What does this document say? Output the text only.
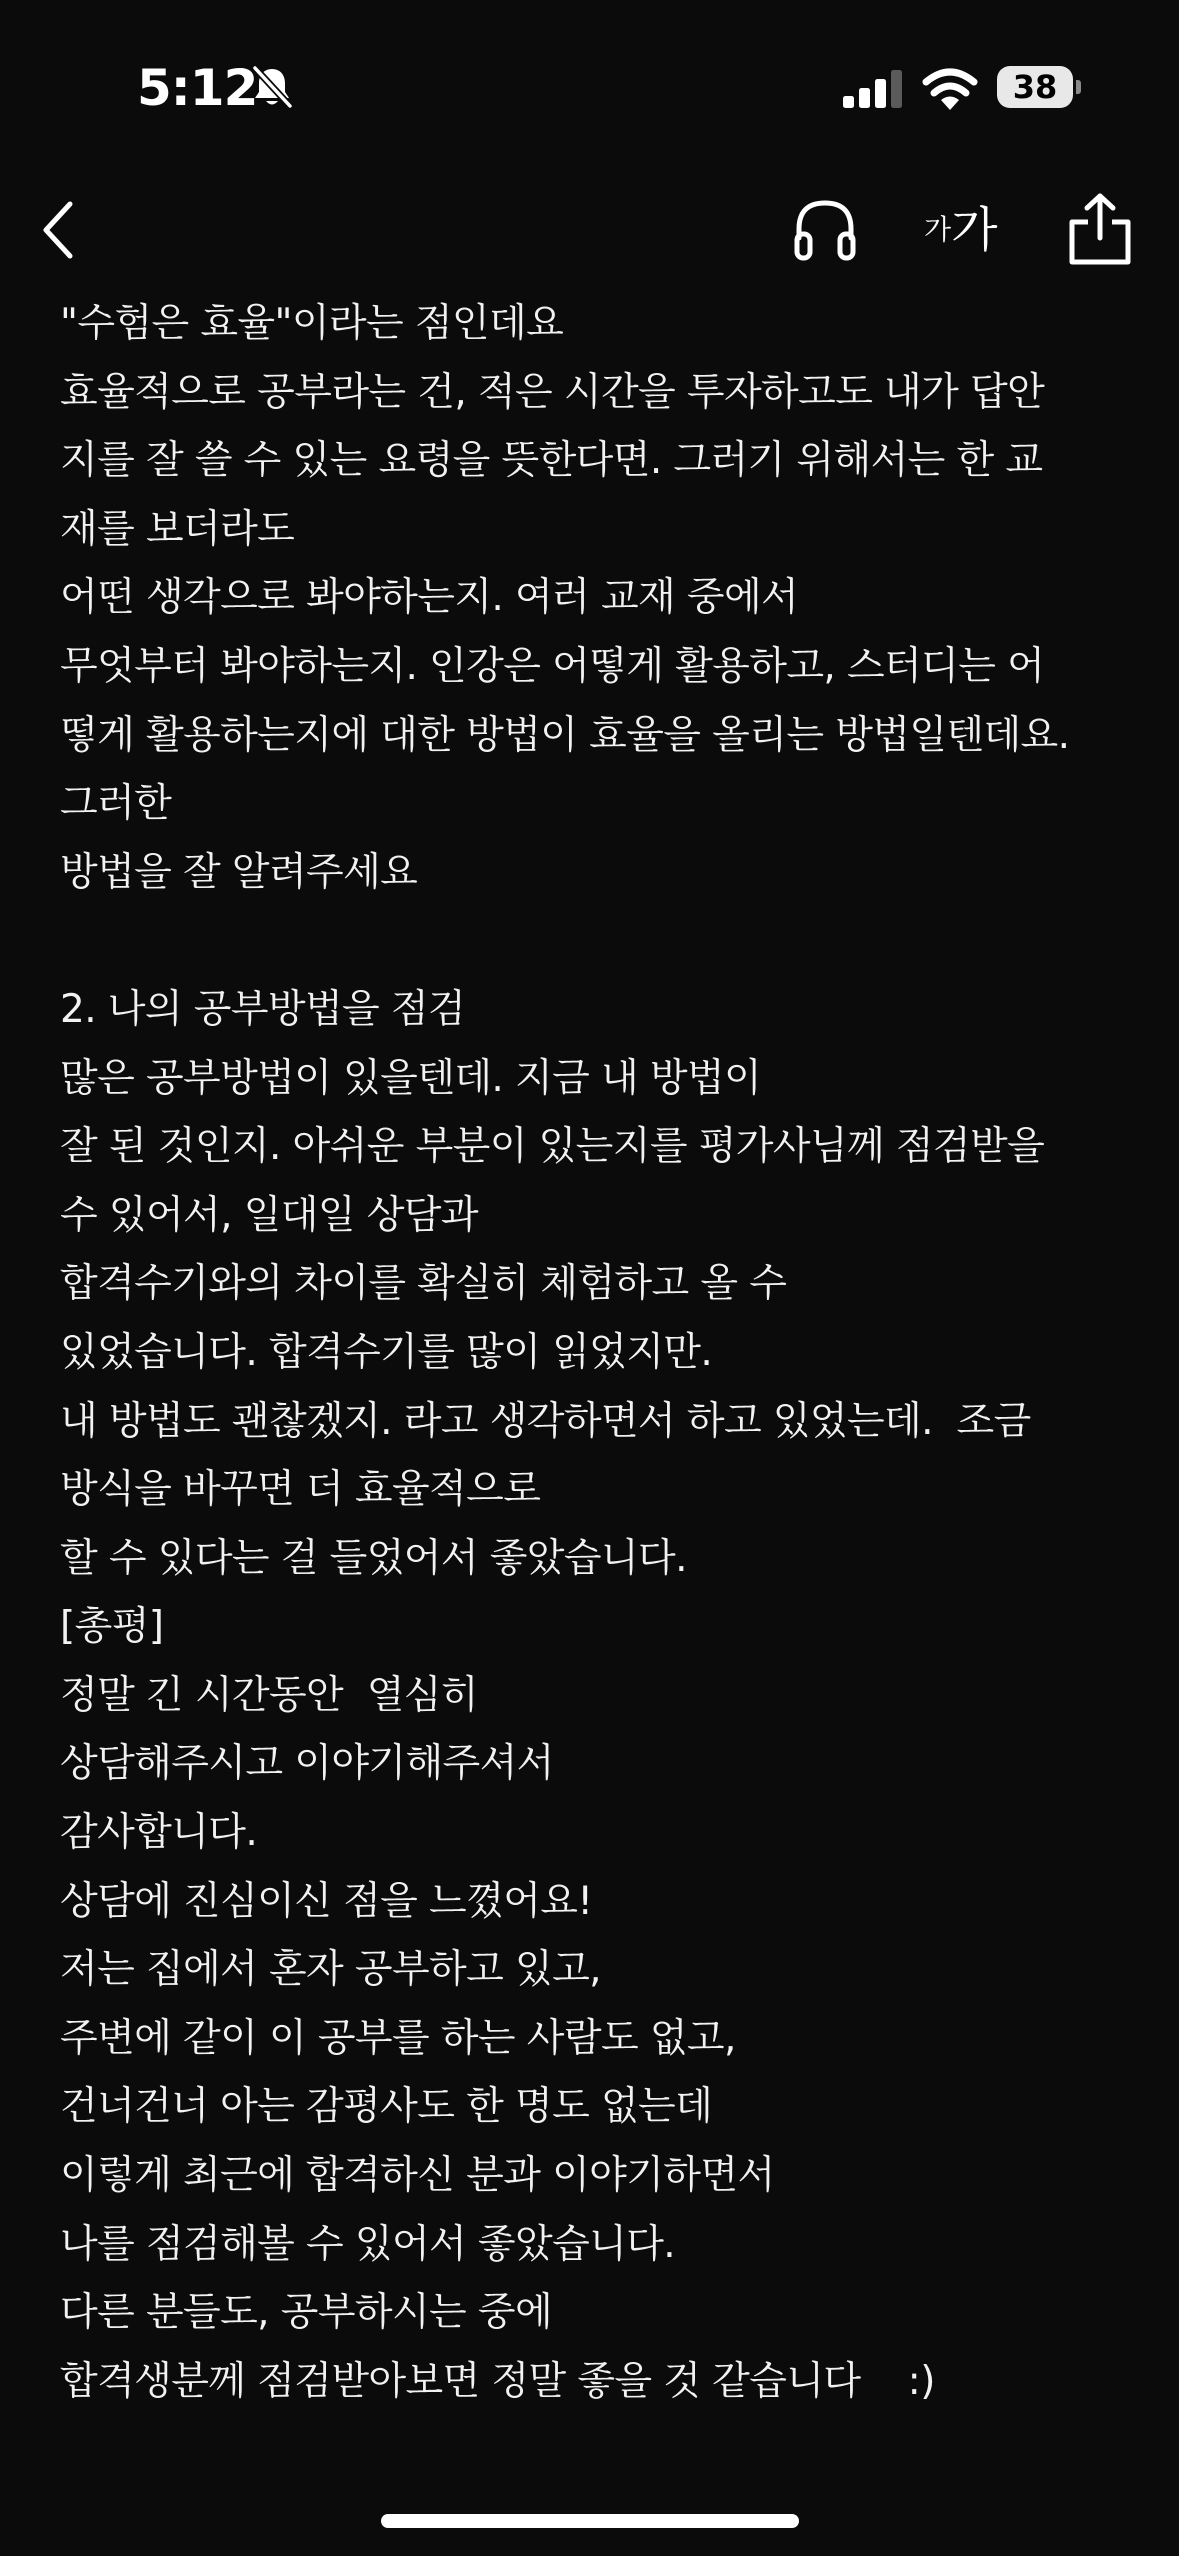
5:12	38
가가
"수험은 효율"이라는 점인데요
효율적으로 공부라는 건, 적은 시간을 투자하고도 내가 답안
지를 잘 쓸 수 있는 요령을 뜻한다면. 그러기 위해서는 한 교
재를 보더라도
어떤 생각으로 봐야하는지. 여러 교재 중에서
무엇부터 봐야하는지. 인강은 어떻게 활용하고, 스터디는 어
떻게 활용하는지에 대한 방법이 효율을 올리는 방법일텐데요.
그러한
방법을 잘 알려주세요
2. 나의 공부방법을 점검
많은 공부방법이 있을텐데. 지금 내 방법이
잘 된 것인지. 아쉬운 부분이 있는지를 평가사님께 점검받을
수 있어서, 일대일 상담과
합격수기와의 차이를 확실히 체험하고 올 수
있었습니다. 합격수기를 많이 읽었지만.
내 방법도 괜찮겠지. 라고 생각하면서 하고 있었는데.  조금
방식을 바꾸면 더 효율적으로
할 수 있다는 걸 들었어서 좋았습니다.
[총평]
정말 긴 시간동안  열심히
상담해주시고 이야기해주셔서
감사합니다.
상담에 진심이신 점을 느꼈어요!
저는 집에서 혼자 공부하고 있고,
주변에 같이 이 공부를 하는 사람도 없고,
건너건너 아는 감평사도 한 명도 없는데
이렇게 최근에 합격하신 분과 이야기하면서
나를 점검해볼 수 있어서 좋았습니다.
다른 분들도, 공부하시는 중에
합격생분께 점검받아보면 정말 좋을 것 같습니다    :)
